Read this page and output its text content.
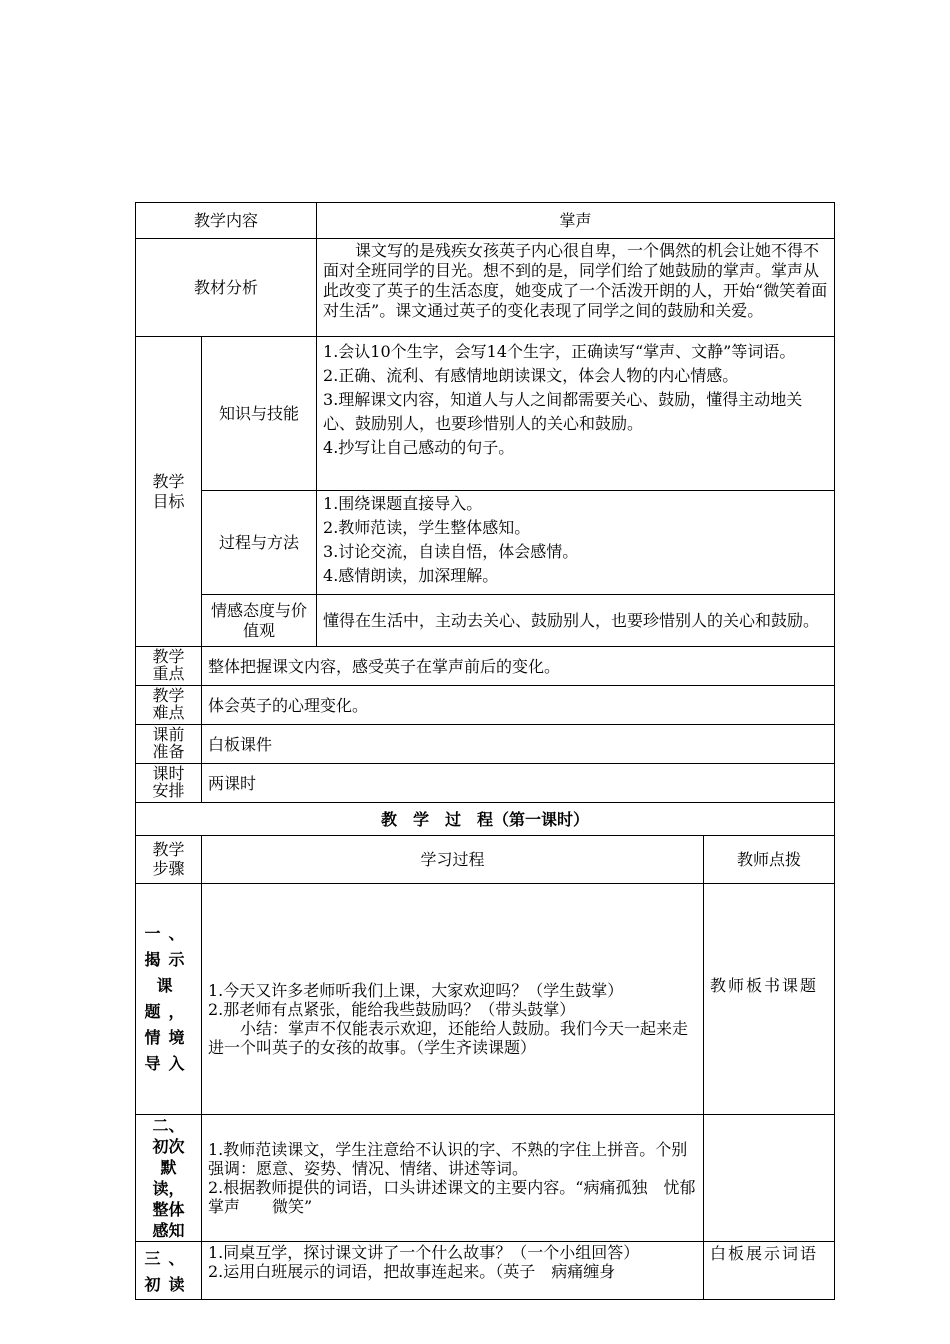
教学内容		掌声	
教材分析		课文写的是残疾女孩英子内心很自卑，一个偶然的机会让她不得不面对全班同学的目光。想不到的是，同学们给了她鼓励的掌声。掌声从此改变了英子的生活态度，她变成了一个活泼开朗的人，开始“微笑着面对生活”。课文通过英子的变化表现了同学之间的鼓励和关爱。	

教学目标	知识与技能	1.会认10个生字，会写14个生字，正确读写“掌声、文静”等词语。

2.正确、流利、有感情地朗读课文，体会人物的内心情感。

3.理解课文内容，知道人与人之间都需要关心、鼓励，懂得主动地关心、鼓励别人，也要珍惜别人的关心和鼓励。

4.抄写让自己感动的句子。	

	过程与方法	1.围绕课题直接导入。

2.教师范读，学生整体感知。

3.讨论交流，自读自悟，体会感情。

4.感情朗读，加深理解。	

	情感态度与价值观	懂得在生活中，主动去关心、鼓励别人，也要珍惜别人的关心和鼓励。	
教学重点	整体把握课文内容，感受英子在掌声前后的变化。		
教学难点	体会英子的心理变化。		
课前准备	白板课件		
课时安排	两课时		
教　学　过　程（第一课时）			
教学步骤	学习过程		教师点拨

一、揭示课题，情境导入	1.今天又许多老师听我们上课，大家欢迎吗？（学生鼓掌）

2.那老师有点紧张，能给我些鼓励吗？（带头鼓掌）

小结：掌声不仅能表示欢迎，还能给人鼓励。我们今天一起来走进一个叫英子的女孩的故事。（学生齐读课题）		教师板书课题

二、初次默读，整体感知	1.教师范读课文，学生注意给不认识的字、不熟的字住上拼音。个别强调：愿意、姿势、情况、情绪、讲述等词。

2.根据教师提供的词语，口头讲述课文的主要内容。“病痛孤独　忧郁　　掌声　　微笑”		

三、初读	1.同桌互学，探讨课文讲了一个什么故事？（一个小组回答）

2.运用白班展示的词语，把故事连起来。（英子　病痛缠身		白板展示词语
